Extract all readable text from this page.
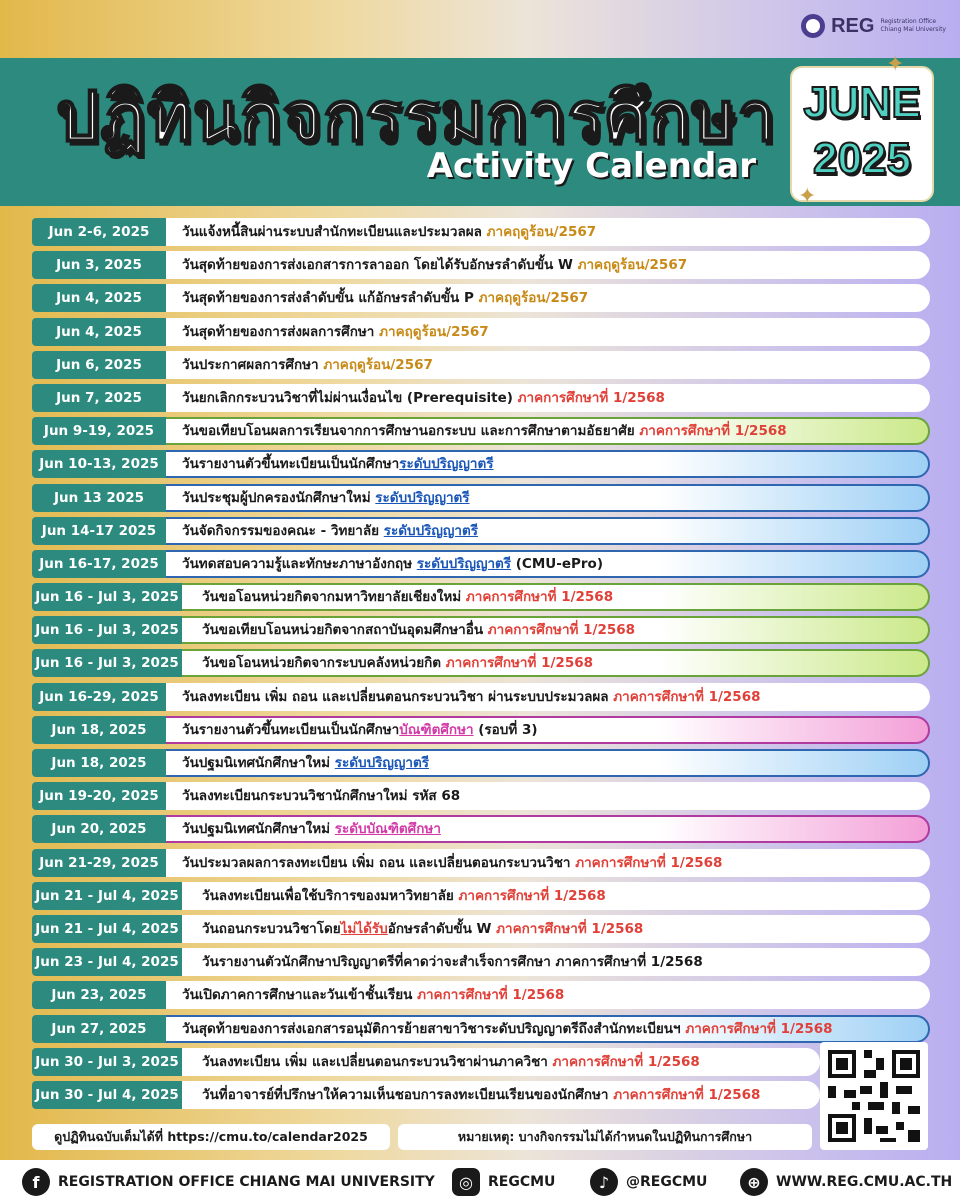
REG Registration Office
Chiang Mai University
ปฏิทินกิจกรรมการศึกษา
Activity Calendar
JUNE
2025
✦
✦
Jun 2-6, 2025	วันแจ้งหนี้สินผ่านระบบสำนักทะเบียนและประมวลผล ภาคฤดูร้อน/2567
Jun 3, 2025	วันสุดท้ายของการส่งเอกสารการลาออก โดยได้รับอักษรลำดับขั้น W ภาคฤดูร้อน/2567
Jun 4, 2025	วันสุดท้ายของการส่งลำดับขั้น แก้อักษรลำดับขั้น P ภาคฤดูร้อน/2567
Jun 4, 2025	วันสุดท้ายของการส่งผลการศึกษา ภาคฤดูร้อน/2567
Jun 6, 2025	วันประกาศผลการศึกษา ภาคฤดูร้อน/2567
Jun 7, 2025	วันยกเลิกกระบวนวิชาที่ไม่ผ่านเงื่อนไข (Prerequisite) ภาคการศึกษาที่ 1/2568
Jun 9-19, 2025	วันขอเทียบโอนผลการเรียนจากการศึกษานอกระบบ และการศึกษาตามอัธยาศัย ภาคการศึกษาที่ 1/2568
Jun 10-13, 2025	วันรายงานตัวขึ้นทะเบียนเป็นนักศึกษาระดับปริญญาตรี
Jun 13 2025	วันประชุมผู้ปกครองนักศึกษาใหม่ ระดับปริญญาตรี
Jun 14-17 2025	วันจัดกิจกรรมของคณะ - วิทยาลัย ระดับปริญญาตรี
Jun 16-17, 2025	วันทดสอบความรู้และทักษะภาษาอังกฤษ ระดับปริญญาตรี (CMU-ePro)
Jun 16 - Jul 3, 2025 วันขอโอนหน่วยกิตจากมหาวิทยาลัยเชียงใหม่ ภาคการศึกษาที่ 1/2568
Jun 16 - Jul 3, 2025 วันขอเทียบโอนหน่วยกิตจากสถาบันอุดมศึกษาอื่น ภาคการศึกษาที่ 1/2568
Jun 16 - Jul 3, 2025 วันขอโอนหน่วยกิตจากระบบคลังหน่วยกิต ภาคการศึกษาที่ 1/2568
Jun 16-29, 2025	วันลงทะเบียน เพิ่ม ถอน และเปลี่ยนตอนกระบวนวิชา ผ่านระบบประมวลผล ภาคการศึกษาที่ 1/2568
Jun 18, 2025	วันรายงานตัวขึ้นทะเบียนเป็นนักศึกษาบัณฑิตศึกษา (รอบที่ 3)
Jun 18, 2025	วันปฐมนิเทศนักศึกษาใหม่ ระดับปริญญาตรี
Jun 19-20, 2025	วันลงทะเบียนกระบวนวิชานักศึกษาใหม่ รหัส 68
Jun 20, 2025	วันปฐมนิเทศนักศึกษาใหม่ ระดับบัณฑิตศึกษา
Jun 21-29, 2025	วันประมวลผลการลงทะเบียน เพิ่ม ถอน และเปลี่ยนตอนกระบวนวิชา ภาคการศึกษาที่ 1/2568
Jun 21 - Jul 4, 2025 วันลงทะเบียนเพื่อใช้บริการของมหาวิทยาลัย ภาคการศึกษาที่ 1/2568
Jun 21 - Jul 4, 2025 วันถอนกระบวนวิชาโดยไม่ได้รับอักษรลำดับขั้น W ภาคการศึกษาที่ 1/2568
Jun 23 - Jul 4, 2025 วันรายงานตัวนักศึกษาปริญญาตรีที่คาดว่าจะสำเร็จการศึกษา ภาคการศึกษาที่ 1/2568
Jun 23, 2025	วันเปิดภาคการศึกษาและวันเข้าชั้นเรียน ภาคการศึกษาที่ 1/2568
Jun 27, 2025	วันสุดท้ายของการส่งเอกสารอนุมัติการย้ายสาขาวิชาระดับปริญญาตรีถึงสำนักทะเบียนฯ ภาคการศึกษาที่ 1/2568
Jun 30 - Jul 3, 2025 วันลงทะเบียน เพิ่ม และเปลี่ยนตอนกระบวนวิชาผ่านภาควิชา ภาคการศึกษาที่ 1/2568
Jun 30 - Jul 4, 2025 วันที่อาจารย์ที่ปรึกษาให้ความเห็นชอบการลงทะเบียนเรียนของนักศึกษา ภาคการศึกษาที่ 1/2568
ดูปฏิทินฉบับเต็มได้ที่ https://cmu.to/calendar2025	หมายเหตุ: บางกิจกรรมไม่ได้กำหนดในปฏิทินการศึกษา
f	REGISTRATION OFFICE CHIANG MAI UNIVERSITY	◎	REGCMU	♪	@REGCMU	⊕	WWW.REG.CMU.AC.TH
